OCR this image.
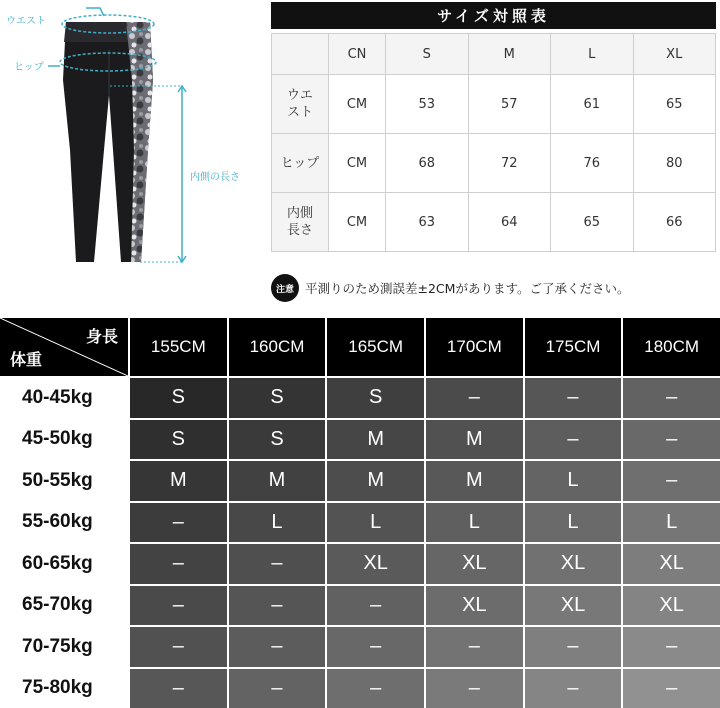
ウエスト
ヒップ
内側の長さ
サイズ対照表
	CN	S	M	L	XL
ウエ
スト	CM	53	57	61	65
ヒップ	CM	68	72	76	80
内側
長さ	CM	63	64	65	66
注意 平測りのため測誤差±2CMがあります。ご了承ください。
身長
体重
155CM	160CM	165CM	170CM	175CM	180CM
40-45kg	S	S	S	–	–	–
45-50kg	S	S	M	M	–	–
50-55kg	M	M	M	M	L	–
55-60kg	–	L	L	L	L	L
60-65kg	–	–	XL	XL	XL	XL
65-70kg	–	–	–	XL	XL	XL
70-75kg	–	–	–	–	–	–
75-80kg	–	–	–	–	–	–
